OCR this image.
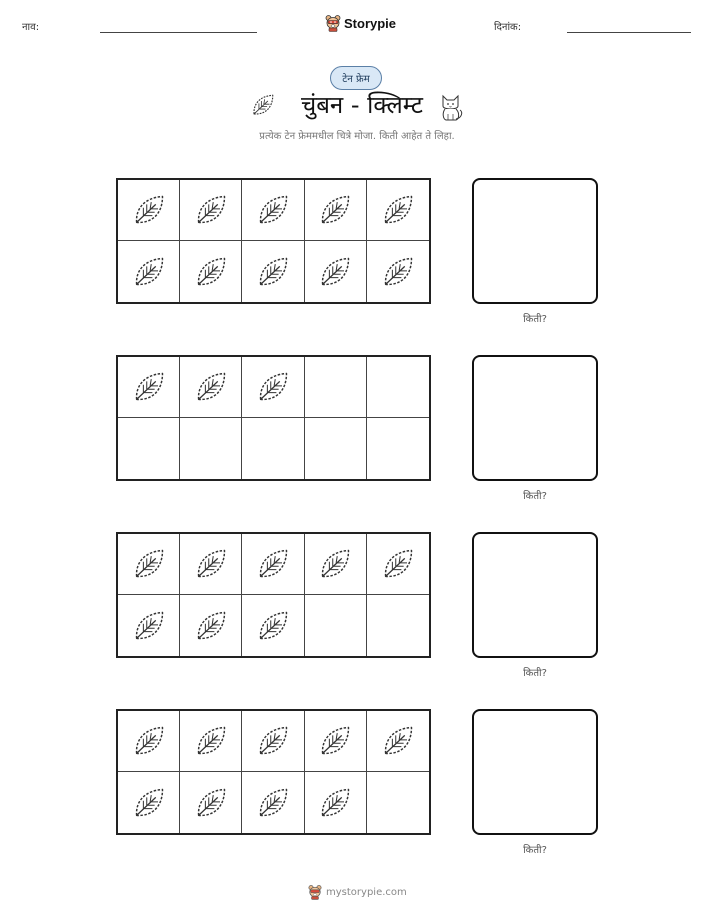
नाव:	Storypie	दिनांक:
टेन फ्रेम
चुंबन - क्लिम्ट
प्रत्येक टेन फ्रेममधील चित्रे मोजा. किती आहेत ते लिहा.
किती?
किती?
किती?
किती?
mystorypie.com
